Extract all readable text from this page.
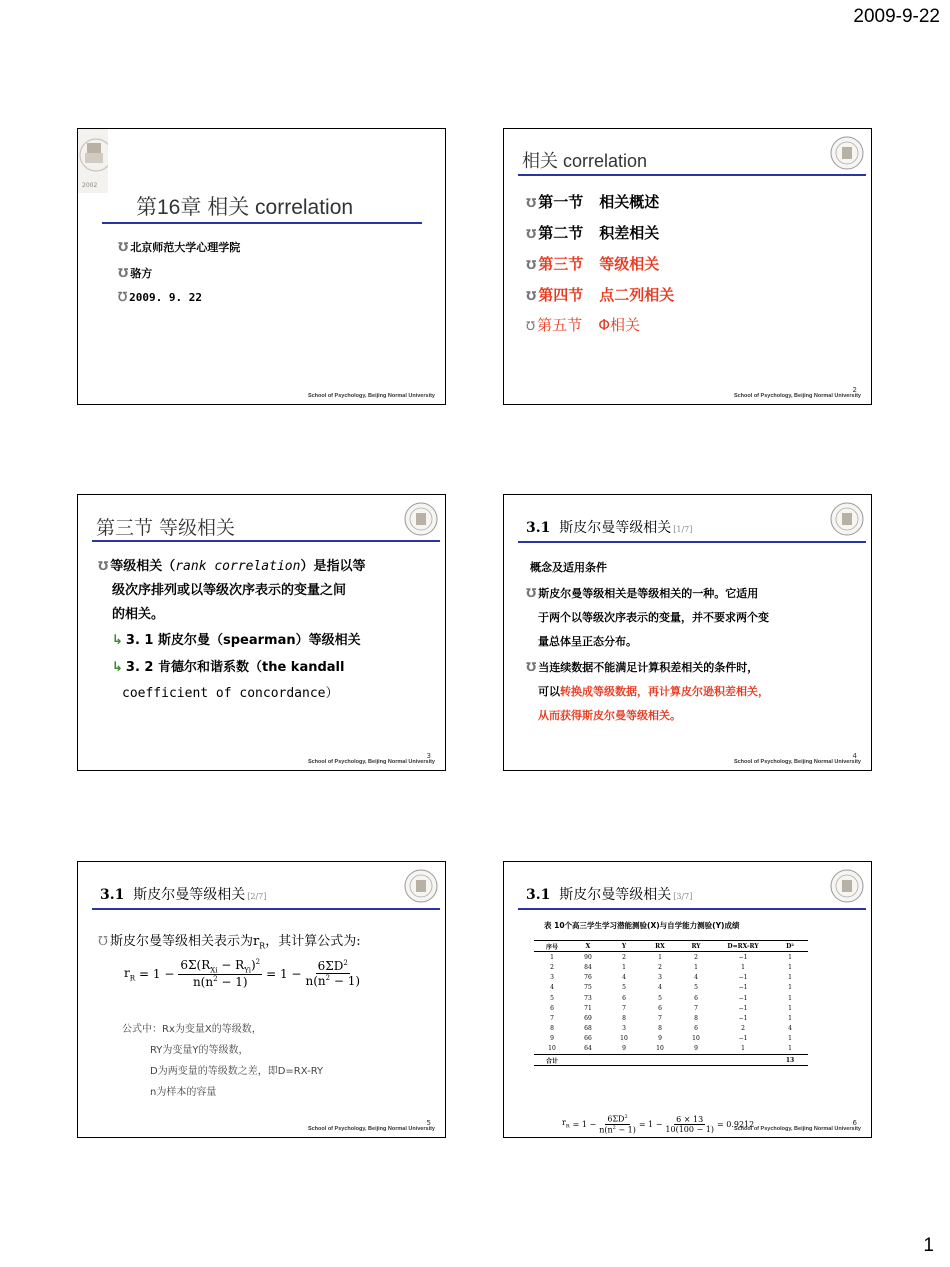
2009-9-22
2002
第16章 相关 correlation
℧ 北京师范大学心理学院
℧ 骆方
℧ 2009. 9. 22
School of Psychology, Beijing Normal University
相关 correlation
℧ 第一节 相关概述
℧ 第二节 积差相关
℧ 第三节 等级相关
℧ 第四节 点二列相关
℧ 第五节 Φ相关
2
School of Psychology, Beijing Normal University
第三节 等级相关
℧ 等级相关（rank correlation）是指以等
级次序排列或以等级次序表示的变量之间
的相关。
↳ 3. 1 斯皮尔曼（spearman）等级相关
↳ 3. 2 肯德尔和谐系数（the kandall
coefficient of concordance）
3
School of Psychology, Beijing Normal University
3.1 斯皮尔曼等级相关 [1/7]
概念及适用条件
℧ 斯皮尔曼等级相关是等级相关的一种。它适用
于两个以等级次序表示的变量，并不要求两个变
量总体呈正态分布。
℧ 当连续数据不能满足计算积差相关的条件时，
可以转换成等级数据，再计算皮尔逊积差相关，
从而获得斯皮尔曼等级相关。
4
School of Psychology, Beijing Normal University
3.1 斯皮尔曼等级相关 [2/7]
℧ 斯皮尔曼等级相关表示为$r_R$，其计算公式为:
$r_R = 1$ −
$6\Sigma(R_{Xi} - R_{Yi})^2$
$n(n^2 - 1)$
= $1 - \frac{6\Sigma D^2}{n(n^2 - 1)}$
公式中：Rx为变量X的等级数，
RY为变量Y的等级数，
D为两变量的等级数之差，即D=RX-RY
n为样本的容量
5
School of Psychology, Beijing Normal University
3.1 斯皮尔曼等级相关 [3/7]
表 10个高三学生学习潜能测验(X)与自学能力测验(Y)成绩
序号	X	Y	RX	RY	D=RX-RY	D²
1	90	2	1	2	−1	1
2	84	1	2	1	1	1
3	76	4	3	4	−1	1
4	75	5	4	5	−1	1
5	73	6	5	6	−1	1
6	71	7	6	7	−1	1
7	69	8	7	8	−1	1
8	68	3	8	6	2	4
9	66	10	9	10	−1	1
10	64	9	10	9	1	1
合计						13
$r_R = 1 - \frac{6\Sigma D^2}{n(n^2 - 1)} = 1 - \frac{6 \times 13}{10(100 - 1)} = 0.9212$	6
School of Psychology, Beijing Normal University
1
